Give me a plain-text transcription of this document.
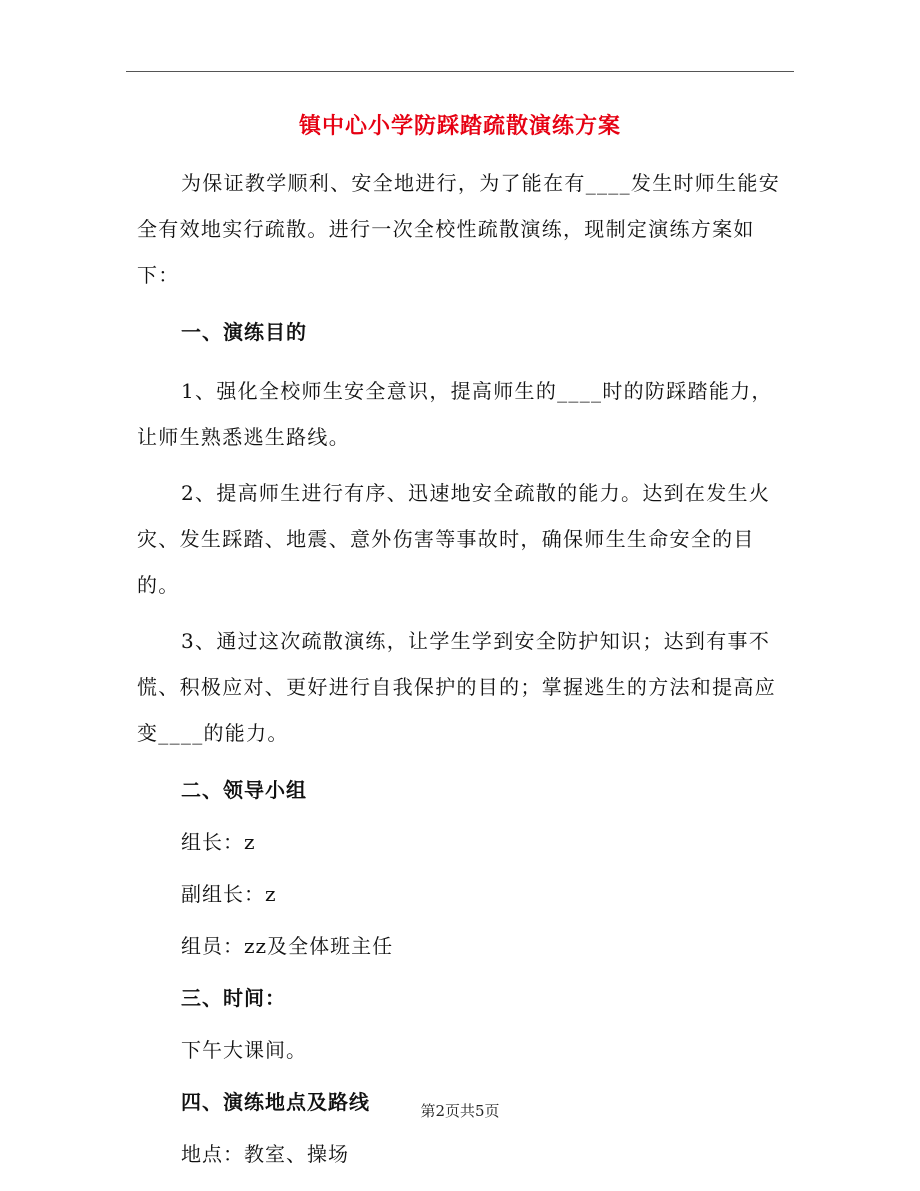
镇中心小学防踩踏疏散演练方案

为保证教学顺利、安全地进行，为了能在有____发生时师生能安全有效地实行疏散。进行一次全校性疏散演练，现制定演练方案如下：

一、演练目的

1、强化全校师生安全意识，提高师生的____时的防踩踏能力，让师生熟悉逃生路线。

2、提高师生进行有序、迅速地安全疏散的能力。达到在发生火灾、发生踩踏、地震、意外伤害等事故时，确保师生生命安全的目的。

3、通过这次疏散演练，让学生学到安全防护知识；达到有事不慌、积极应对、更好进行自我保护的目的；掌握逃生的方法和提高应变____的能力。

二、领导小组

组长：z

副组长：z

组员：zz及全体班主任

三、时间：

下午大课间。

四、演练地点及路线

地点：教室、操场

第2页共5页
